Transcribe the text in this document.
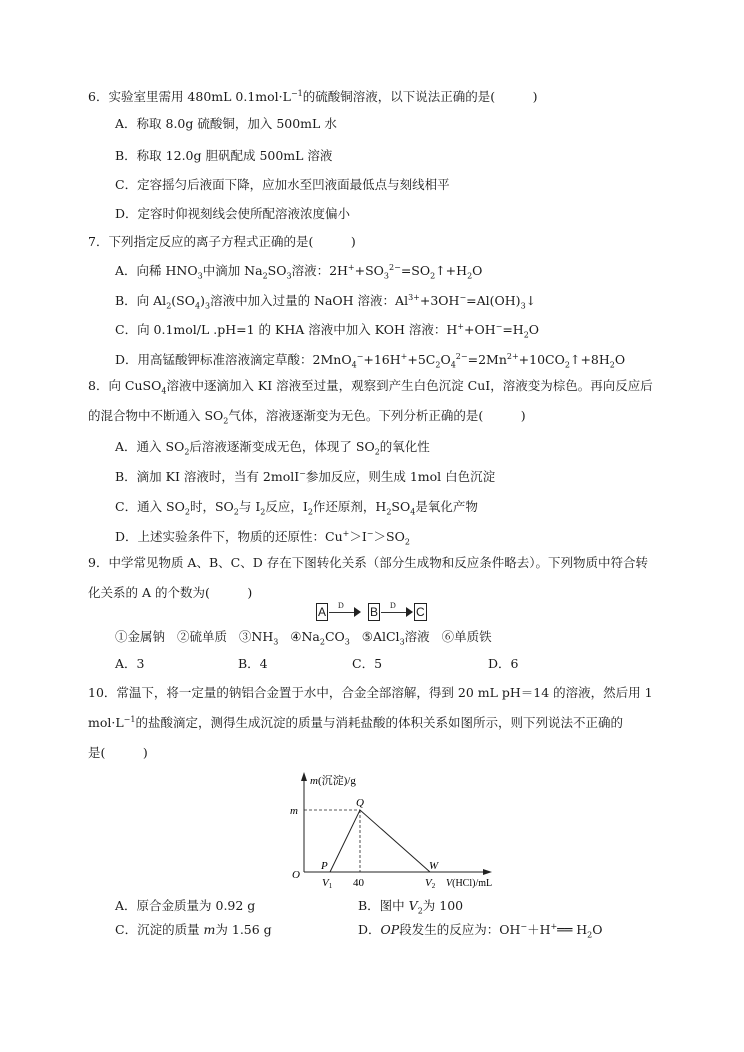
6．实验室里需用 480mL $0.1mol\cdot L^{-1}$的硫酸铜溶液，以下说法正确的是(　　　)
A．称取 8.0g 硫酸铜，加入 500mL 水
B．称取 12.0g 胆矾配成 500mL 溶液
C．定容摇匀后液面下降，应加水至凹液面最低点与刻线相平
D．定容时仰视刻线会使所配溶液浓度偏小
7．下列指定反应的离子方程式正确的是(　　　)
A．向稀 $HNO_3$中滴加 $Na_2SO_3$溶液：$2H^++SO_3^{2-}=SO_2↑+H_2O$
B．向 $Al_2(SO_4)_3$溶液中加入过量的 NaOH 溶液：$Al^{3+}+3OH^-=Al(OH)_3↓$
C．向 0.1mol/L .pH=1 的 KHA 溶液中加入 KOH 溶液：$H^++OH^-=H_2O$
D．用高锰酸钾标准溶液滴定草酸：$2MnO_4^-+16H^++5C_2O_4^{2-}=2Mn^{2+}+10CO_2↑+8H_2O$
8．向 CuSO$_4$溶液中逐滴加入 KI 溶液至过量，观察到产生白色沉淀 CuI，溶液变为棕色。再向反应后
的混合物中不断通入 $SO_2$气体，溶液逐渐变为无色。下列分析正确的是(　　　)
A．通入 $SO_2$后溶液逐渐变成无色，体现了 $SO_2$的氧化性
B．滴加 KI 溶液时，当有 2molI−参加反应，则生成 1mol 白色沉淀
C．通入 $SO_2$时，$SO_2$与 $I_2$反应，$I_2$作还原剂，$H_2SO_4$是氧化产物
D．上述实验条件下，物质的还原性：$Cu^+>I^->SO_2$
9．中学常见物质 A、B、C、D 存在下图转化关系（部分生成物和反应条件略去）。下列物质中符合转
化关系的 A 的个数为(　　　)
A D B D C
①金属钠 ②硫单质 $③NH_3$ $④Na_2CO_3$ ⑤AlCl$_3$溶液 ⑥单质铁
A．3	B．4	C．5	D．6
10．常温下，将一定量的钠铝合金置于水中，合金全部溶解，得到 20 mL pH＝14 的溶液，然后用 1
$mol\cdot L^{-1}$的盐酸滴定，测得生成沉淀的质量与消耗盐酸的体积关系如图所示，则下列说法不正确的
是(　　　)
m(沉淀)/g
m
O
Q
P	W
V1 40	V2 V(HCl)/mL
A．原合金质量为 0.92 g	B．图中 $V_2$为 100
C．沉淀的质量 m为 1.56 g	D．OP段发生的反应为：OH−＋H+══ $H_2O$
